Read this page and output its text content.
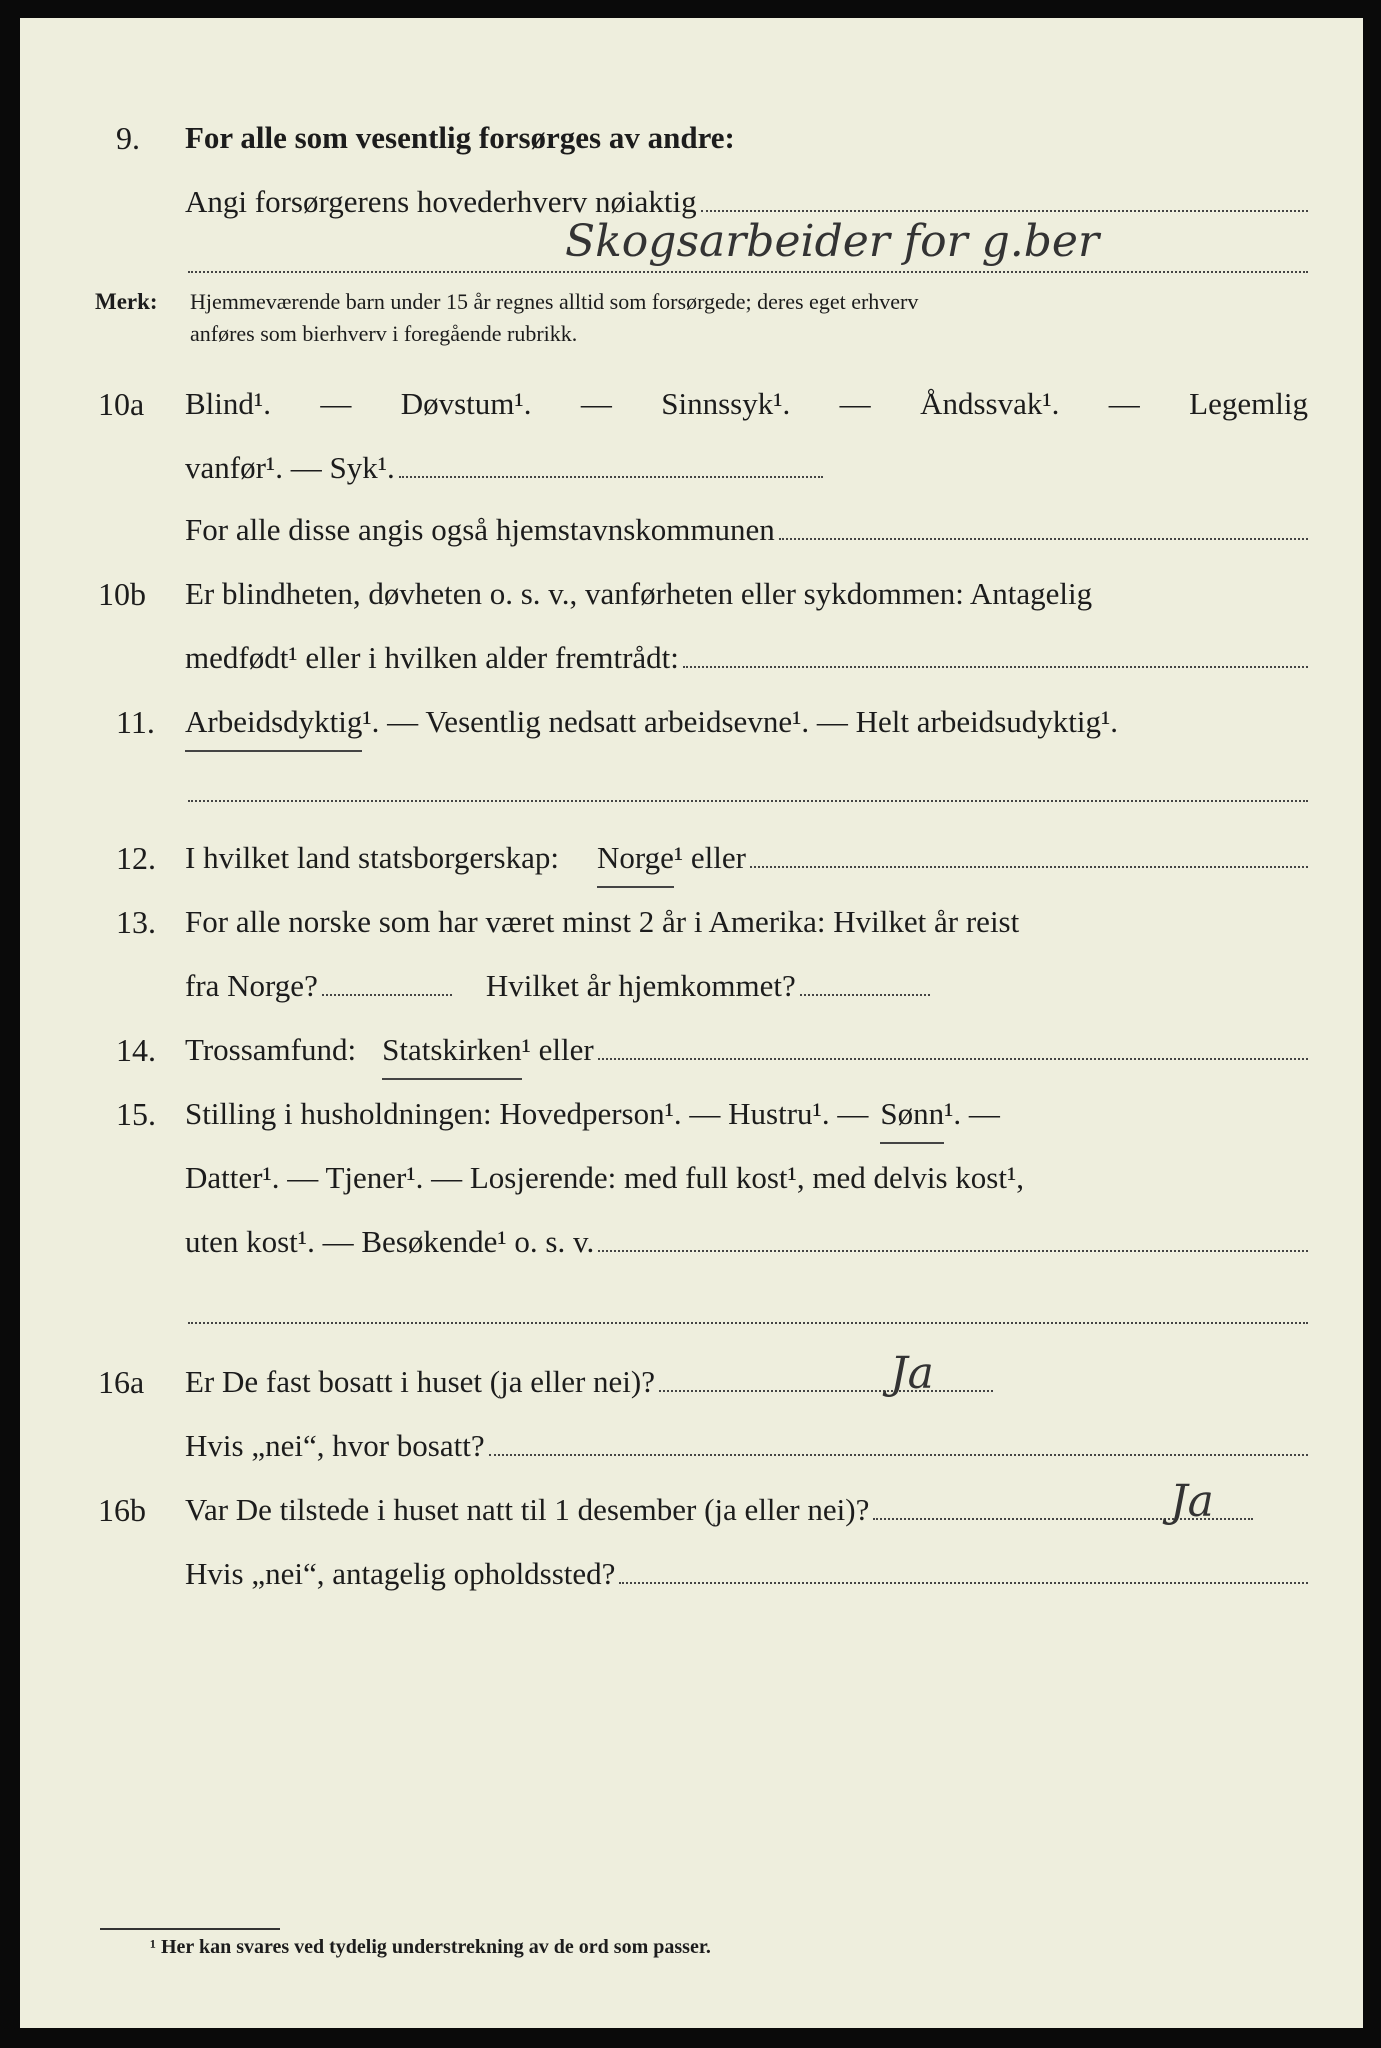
9. For alle som vesentlig forsørges av andre:
Angi forsørgerens hovederhverv nøiaktig
Skogsarbeider for g.ber
Merk: Hjemmeværende barn under 15 år regnes alltid som forsørgede; deres eget erhverv
anføres som bierhverv i foregående rubrikk.
10a Blind¹. — Døvstum¹. — Sinnssyk¹. — Åndssvak¹. — Legemlig
vanfør¹. — Syk¹.
For alle disse angis også hjemstavnskommunen
10b Er blindheten, døvheten o. s. v., vanførheten eller sykdommen: Antagelig
medfødt¹ eller i hvilken alder fremtrådt:
11. Arbeidsdyktig ¹. — Vesentlig nedsatt arbeidsevne¹. — Helt arbeidsudyktig¹.
12. I hvilket land statsborgerskap: Norge ¹ eller
13. For alle norske som har været minst 2 år i Amerika: Hvilket år reist
fra Norge?	Hvilket år hjemkommet?
14. Trossamfund: Statskirken ¹ eller
15. Stilling i husholdningen: Hovedperson¹. — Hustru¹. — Sønn ¹. —
Datter¹. — Tjener¹. — Losjerende: med full kost¹, med delvis kost¹,
uten kost¹. — Besøkende¹ o. s. v.
16a Er De fast bosatt i huset (ja eller nei)?	Ja
Hvis „nei“, hvor bosatt?
16b Var De tilstede i huset natt til 1 desember (ja eller nei)?	Ja
Hvis „nei“, antagelig opholdssted?
¹ Her kan svares ved tydelig understrekning av de ord som passer.
